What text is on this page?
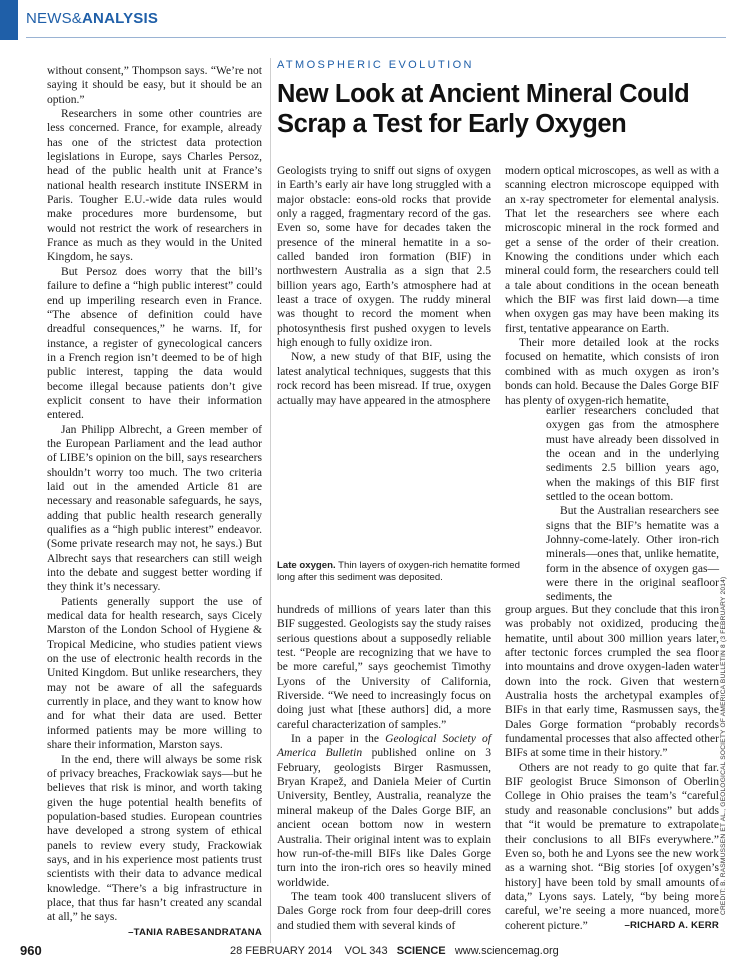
NEWS&ANALYSIS

without consent,” Thompson says. “We’re not saying it should be easy, but it should be an option.”

Researchers in some other countries are less concerned. France, for example, already has one of the strictest data protection legislations in Europe, says Charles Persoz, head of the public health unit at France’s national health research institute INSERM in Paris. Tougher E.U.-wide data rules would make procedures more burdensome, but would not restrict the work of researchers in France as much as they would in the United Kingdom, he says.

But Persoz does worry that the bill’s failure to define a “high public interest” could end up imperiling research even in France. “The absence of definition could have dreadful consequences,” he warns. If, for instance, a register of gynecological cancers in a French region isn’t deemed to be of high public interest, tapping the data would become illegal because patients don’t give explicit consent to have their information entered.

Jan Philipp Albrecht, a Green member of the European Parliament and the lead author of LIBE’s opinion on the bill, says researchers shouldn’t worry too much. The two criteria laid out in the amended Article 81 are necessary and reasonable safeguards, he says, adding that public health research generally qualifies as a “high public interest” endeavor. (Some private research may not, he says.) But Albrecht says that researchers can still weigh into the debate and suggest better wording if they think it’s necessary.

Patients generally support the use of medical data for health research, says Cicely Marston of the London School of Hygiene & Tropical Medicine, who studies patient views on the use of electronic health records in the United Kingdom. But unlike researchers, they may not be aware of all the safeguards currently in place, and they want to know how and for what their data are used. Better informed patients may be more willing to share their information, Marston says.

In the end, there will always be some risk of privacy breaches, Frackowiak says—but he believes that risk is minor, and worth taking given the huge potential health benefits of population-based studies. European countries have developed a strong system of ethical panels to review every study, Frackowiak says, and in his experience most patients trust scientists with their data to advance medical knowledge. “There’s a big infrastructure in place, that thus far hasn’t created any scandal at all,” he says.

–TANIA RABESANDRATANA
ATMOSPHERIC EVOLUTION
New Look at Ancient Mineral Could Scrap a Test for Early Oxygen

Geologists trying to sniff out signs of oxygen in Earth’s early air have long struggled with a major obstacle: eons-old rocks that provide only a ragged, fragmentary record of the gas. Even so, some have for decades taken the presence of the mineral hematite in a so-called banded iron formation (BIF) in northwestern Australia as a sign that 2.5 billion years ago, Earth’s atmosphere had at least a trace of oxygen. The ruddy mineral was thought to record the moment when photosynthesis first pushed oxygen to levels high enough to fully oxidize iron.

Now, a new study of that BIF, using the latest analytical techniques, suggests that this rock record has been misread. If true, oxygen actually may have appeared in the atmosphere

modern optical microscopes, as well as with a scanning electron microscope equipped with an x-ray spectrometer for elemental analysis. That let the researchers see where each microscopic mineral in the rock formed and get a sense of the order of their creation. Knowing the conditions under which each mineral could form, the researchers could tell a tale about conditions in the ocean beneath which the BIF was first laid down—a time when oxygen gas may have been making its first, tentative appearance on Earth.

Their more detailed look at the rocks focused on hematite, which consists of iron combined with as much oxygen as iron’s bonds can hold. Because the Dales Gorge BIF has plenty of oxygen-rich hematite,

earlier researchers concluded that oxygen gas from the atmosphere must have already been dissolved in the ocean and in the underlying sediments 2.5 billion years ago, when the makings of this BIF first settled to the ocean bottom.

But the Australian researchers see signs that the BIF’s hematite was a Johnny-come-lately. Other iron-rich minerals—ones that, unlike hematite, form in the absence of oxygen gas—were there in the original seafloor sediments, the

Late oxygen. Thin layers of oxygen-rich hematite formed long after this sediment was deposited.

hundreds of millions of years later than this BIF suggested. Geologists say the study raises serious questions about a supposedly reliable test. “People are recognizing that we have to be more careful,” says geochemist Timothy Lyons of the University of California, Riverside. “We need to increasingly focus on doing just what [these authors] did, a more careful characterization of samples.”

In a paper in the Geological Society of America Bulletin published online on 3 February, geologists Birger Rasmussen, Bryan Krapež, and Daniela Meier of Curtin University, Bentley, Australia, reanalyze the mineral makeup of the Dales Gorge BIF, an ancient ocean bottom now in western Australia. Their original intent was to explain how run-of-the-mill BIFs like Dales Gorge turn into the iron-rich ores so heavily mined worldwide.

The team took 400 translucent slivers of Dales Gorge rock from four deep-drill cores and studied them with several kinds of

group argues. But they conclude that this iron was probably not oxidized, producing the hematite, until about 300 million years later, after tectonic forces crumpled the sea floor into mountains and drove oxygen-laden water down into the rock. Given that western Australia hosts the archetypal examples of BIFs in that early time, Rasmussen says, the Dales Gorge formation “probably records fundamental processes that also affected other BIFs at some time in their history.”

Others are not ready to go quite that far. BIF geologist Bruce Simonson of Oberlin College in Ohio praises the team’s “careful study and reasonable conclusions” but adds that “it would be premature to extrapolate their conclusions to all BIFs everywhere.” Even so, both he and Lyons see the new work as a warning shot. “Big stories [of oxygen’s history] have been told by small amounts of data,” Lyons says. Lately, “by being more careful, we’re seeing a more nuanced, more coherent picture.”	–RICHARD A. KERR
CREDIT: B. RASMUSSEN ET AL., GEOLOGICAL SOCIETY OF AMERICA BULLETIN 8 (3 FEBRUARY 2014)
960	28 FEBRUARY 2014 VOL 343 SCIENCE www.sciencemag.org
